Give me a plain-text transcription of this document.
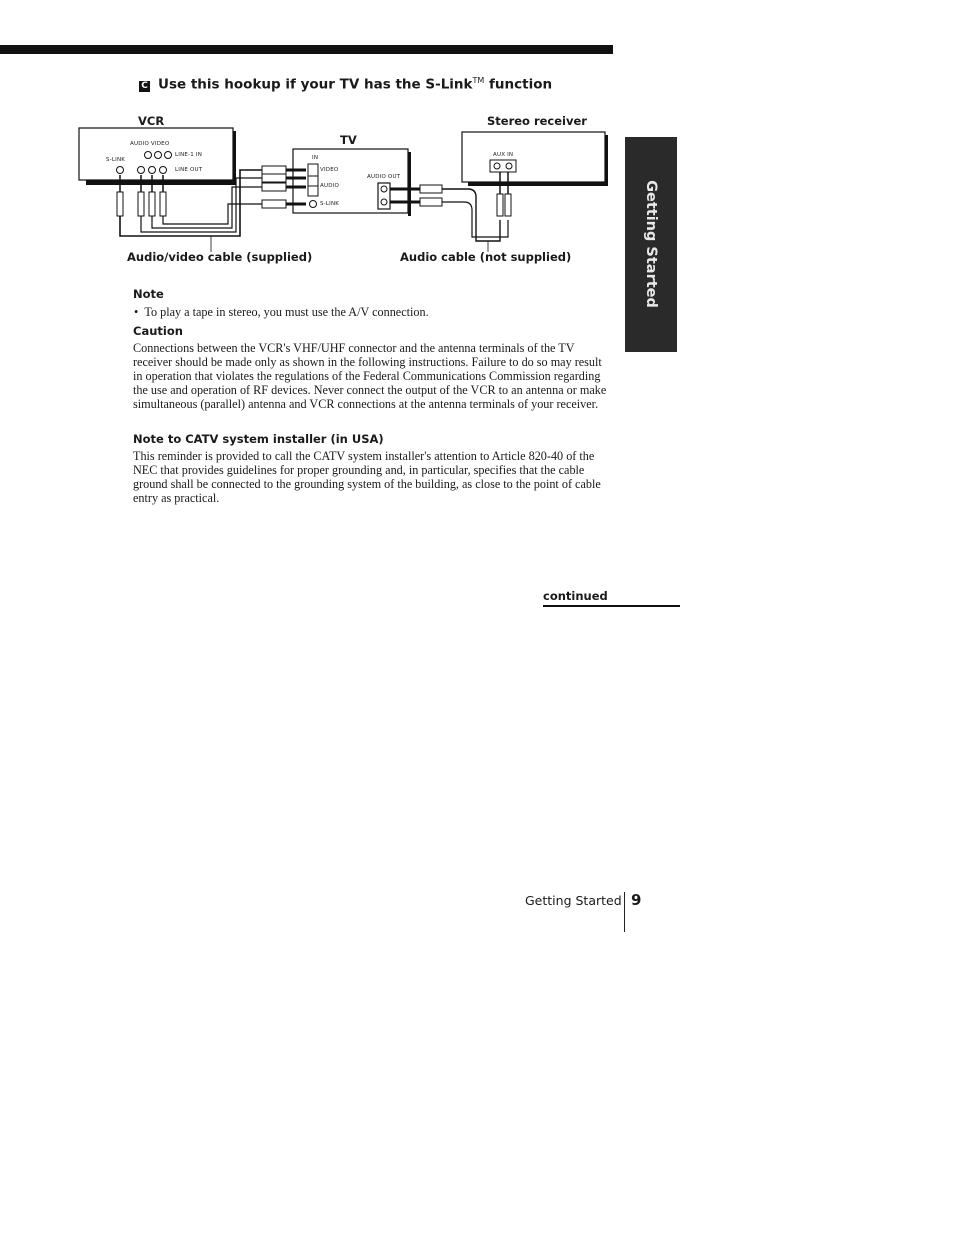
C Use this hookup if your TV has the S-Link™ function
VCR
TV
Stereo receiver
AUDIO VIDEO
LINE-1 IN
LINE OUT
S-LINK	IN
VIDEO
AUDIO
S-LINK
AUDIO OUT
AUX IN
Audio/video cable (supplied)	Audio cable (not supplied)	Getting Started
Note
•  To play a tape in stereo, you must use the A/V connection.
Caution
Connections between the VCR's VHF/UHF connector and the antenna terminals of the TV receiver should be made only as shown in the following instructions. Failure to do so may result in operation that violates the regulations of the Federal Communications Commission regarding the use and operation of RF devices. Never connect the output of the VCR to an antenna or make simultaneous (parallel) antenna and VCR connections at the antenna terminals of your receiver.
Note to CATV system installer (in USA)
This reminder is provided to call the CATV system installer's attention to Article 820-40 of the NEC that provides guidelines for proper grounding and, in particular, specifies that the cable ground shall be connected to the grounding system of the building, as close to the point of cable entry as practical.
continued
Getting Started 9
